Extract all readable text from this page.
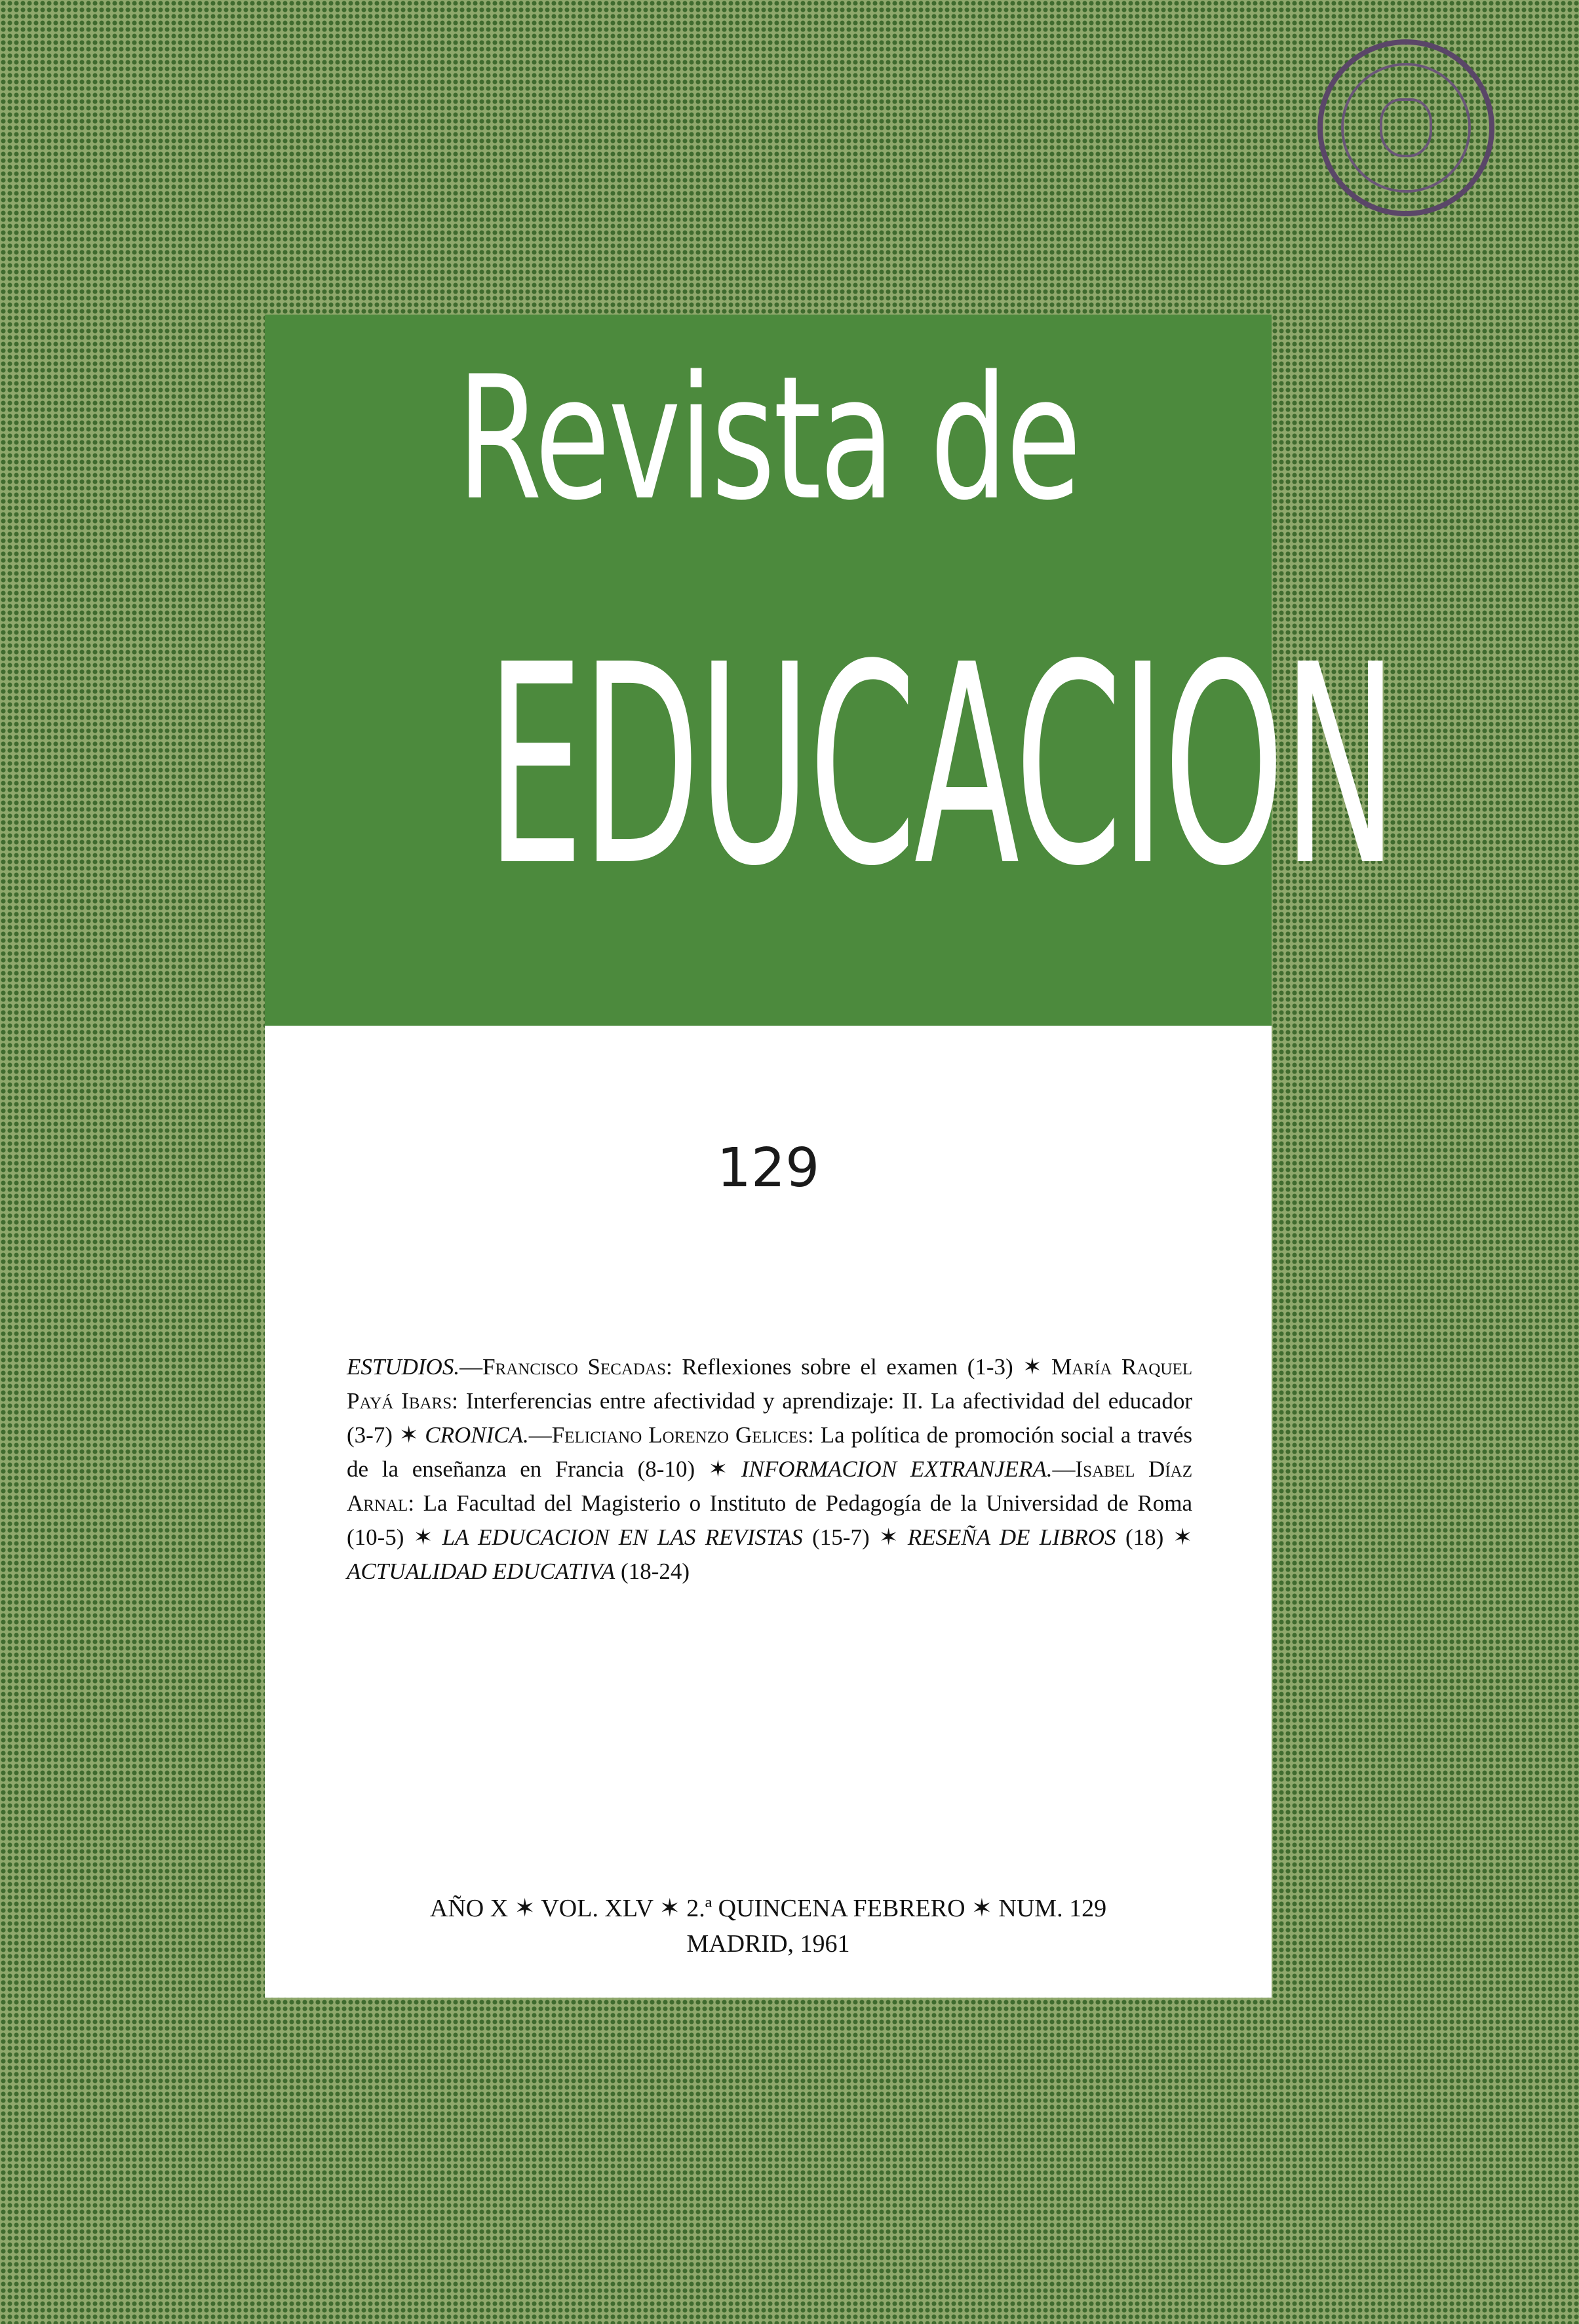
Revista de
EDUCACION
129
ESTUDIOS.—Francisco Secadas: Reflexiones sobre el examen (1-3) ✶ María Raquel Payá Ibars: Interferencias entre afectividad y aprendizaje: II. La afectividad del educador (3-7) ✶ CRONICA.—Feliciano Lorenzo Gelices: La política de promoción social a través de la enseñanza en Francia (8-10) ✶ INFORMACION EXTRANJERA.—Isabel Díaz Arnal: La Facultad del Magisterio o Instituto de Pedagogía de la Universidad de Roma (10-5) ✶ LA EDUCACION EN LAS REVISTAS (15-7) ✶ RESEÑA DE LIBROS (18) ✶ ACTUALIDAD EDUCATIVA (18-24)
AÑO X ✶ VOL. XLV ✶ 2.ª QUINCENA FEBRERO ✶ NUM. 129
MADRID, 1961
